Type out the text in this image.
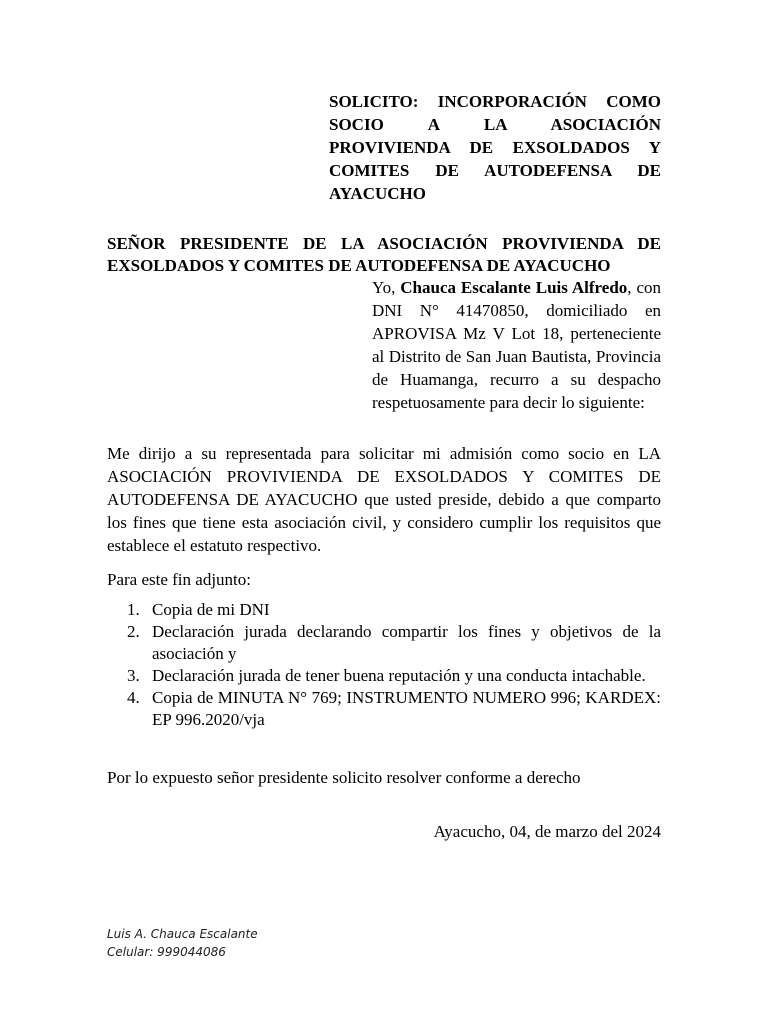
SOLICITO: INCORPORACIÓN COMO SOCIO A LA ASOCIACIÓN PROVIVIENDA DE EXSOLDADOS Y COMITES DE AUTODEFENSA DE AYACUCHO
SEÑOR PRESIDENTE DE LA ASOCIACIÓN PROVIVIENDA DE EXSOLDADOS Y COMITES DE AUTODEFENSA DE AYACUCHO
Yo, Chauca Escalante Luis Alfredo, con DNI N° 41470850, domiciliado en APROVISA Mz V Lot 18, perteneciente al Distrito de San Juan Bautista, Provincia de Huamanga, recurro a su despacho respetuosamente para decir lo siguiente:
Me dirijo a su representada para solicitar mi admisión como socio en LA ASOCIACIÓN PROVIVIENDA DE EXSOLDADOS Y COMITES DE AUTODEFENSA DE AYACUCHO que usted preside, debido a que comparto los fines que tiene esta asociación civil, y considero cumplir los requisitos que establece el estatuto respectivo.
Para este fin adjunto:
1. Copia de mi DNI
2. Declaración jurada declarando compartir los fines y objetivos de la asociación y
3. Declaración jurada de tener buena reputación y una conducta intachable.
4. Copia de MINUTA N° 769; INSTRUMENTO NUMERO 996; KARDEX: EP 996.2020/vja
Por lo expuesto señor presidente solicito resolver conforme a derecho
Ayacucho, 04, de marzo del 2024
Luis A. Chauca Escalante
Celular: 999044086
